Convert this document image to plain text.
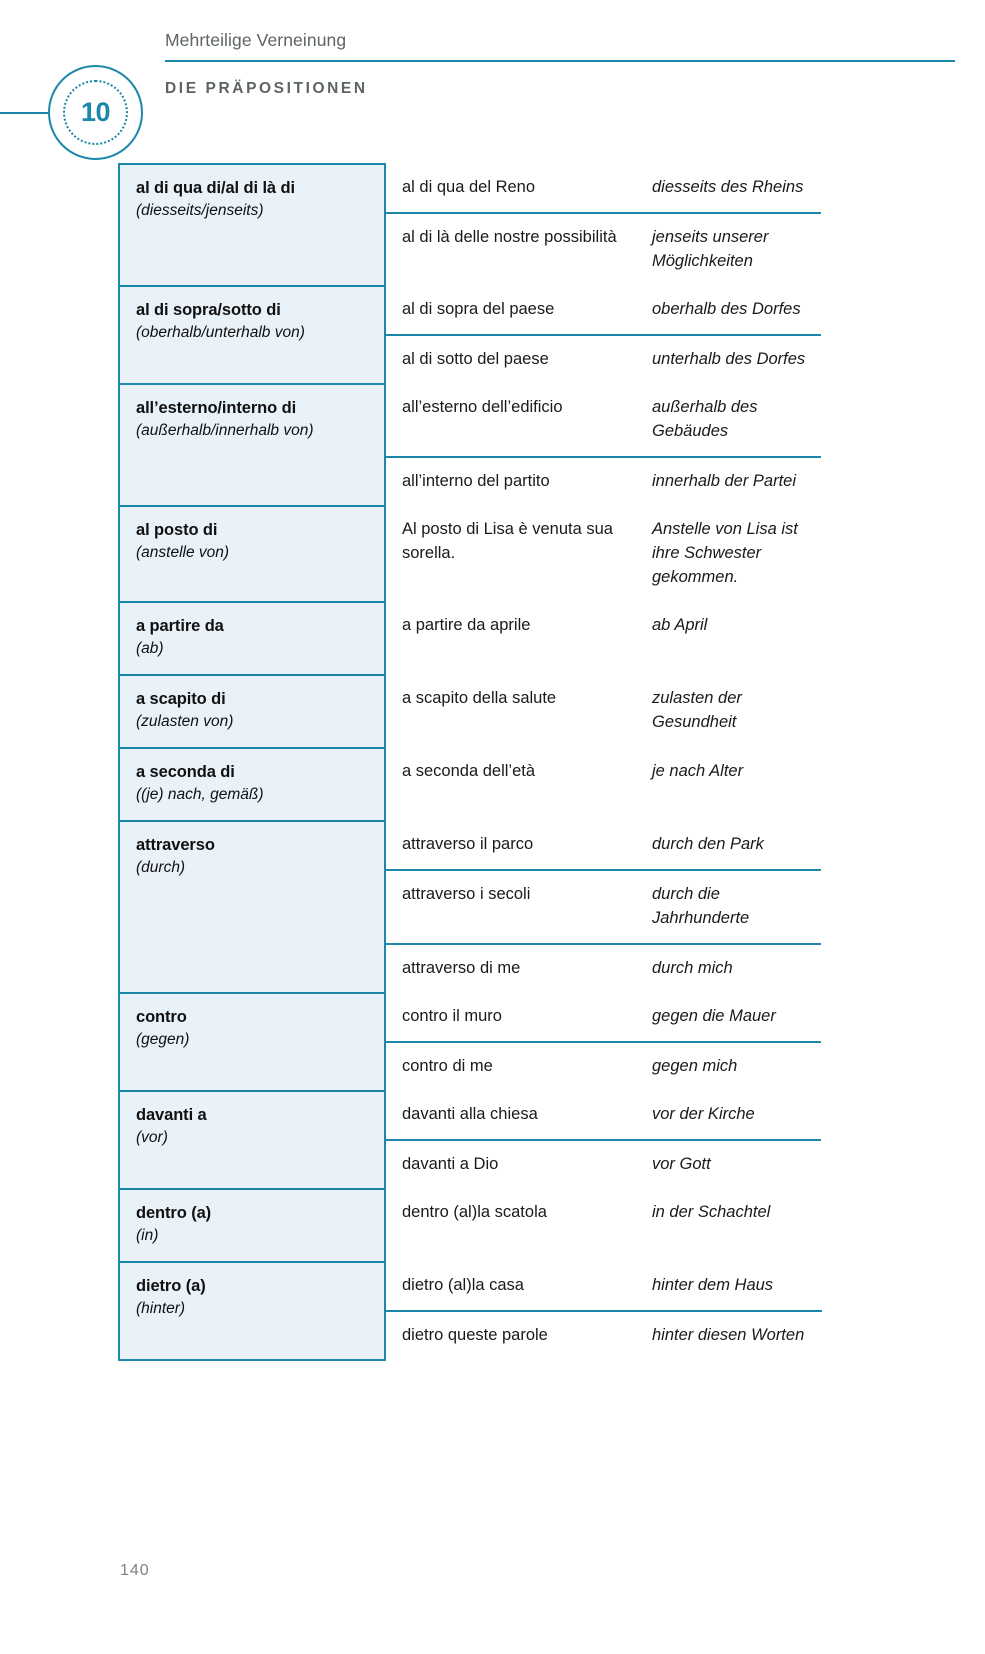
10
Mehrteilige Verneinung
DIE PRÄPOSITIONEN
al di qua di/al di là di
(diesseits/jenseits)

al di qua del Reno	diesseits des Rheins
al di là delle nostre possibilità	jenseits unserer Möglichkeiten

al di sopra/sotto di
(oberhalb/unterhalb von)

al di sopra del paese	oberhalb des Dorfes
al di sotto del paese	unterhalb des Dorfes

all’esterno/interno di
(außerhalb/innerhalb von)

all’esterno dell’edificio	außerhalb des Gebäudes
all’interno del partito	innerhalb der Partei

al posto di
(anstelle von)

Al posto di Lisa è venuta sua sorella.	Anstelle von Lisa ist ihre Schwester gekommen.

a partire da
(ab)

a partire da aprile	ab April

a scapito di
(zulasten von)

a scapito della salute	zulasten der Gesundheit

a seconda di
((je) nach, gemäß)

a seconda dell’età	je nach Alter

attraverso
(durch)

attraverso il parco	durch den Park
attraverso i secoli	durch die Jahrhunderte
attraverso di me	durch mich

contro
(gegen)

contro il muro	gegen die Mauer
contro di me	gegen mich

davanti a
(vor)

davanti alla chiesa	vor der Kirche
davanti a Dio	vor Gott

dentro (a)
(in)

dentro (al)la scatola	in der Schachtel

dietro (a)
(hinter)

dietro (al)la casa	hinter dem Haus
dietro queste parole	hinter diesen Worten
140
